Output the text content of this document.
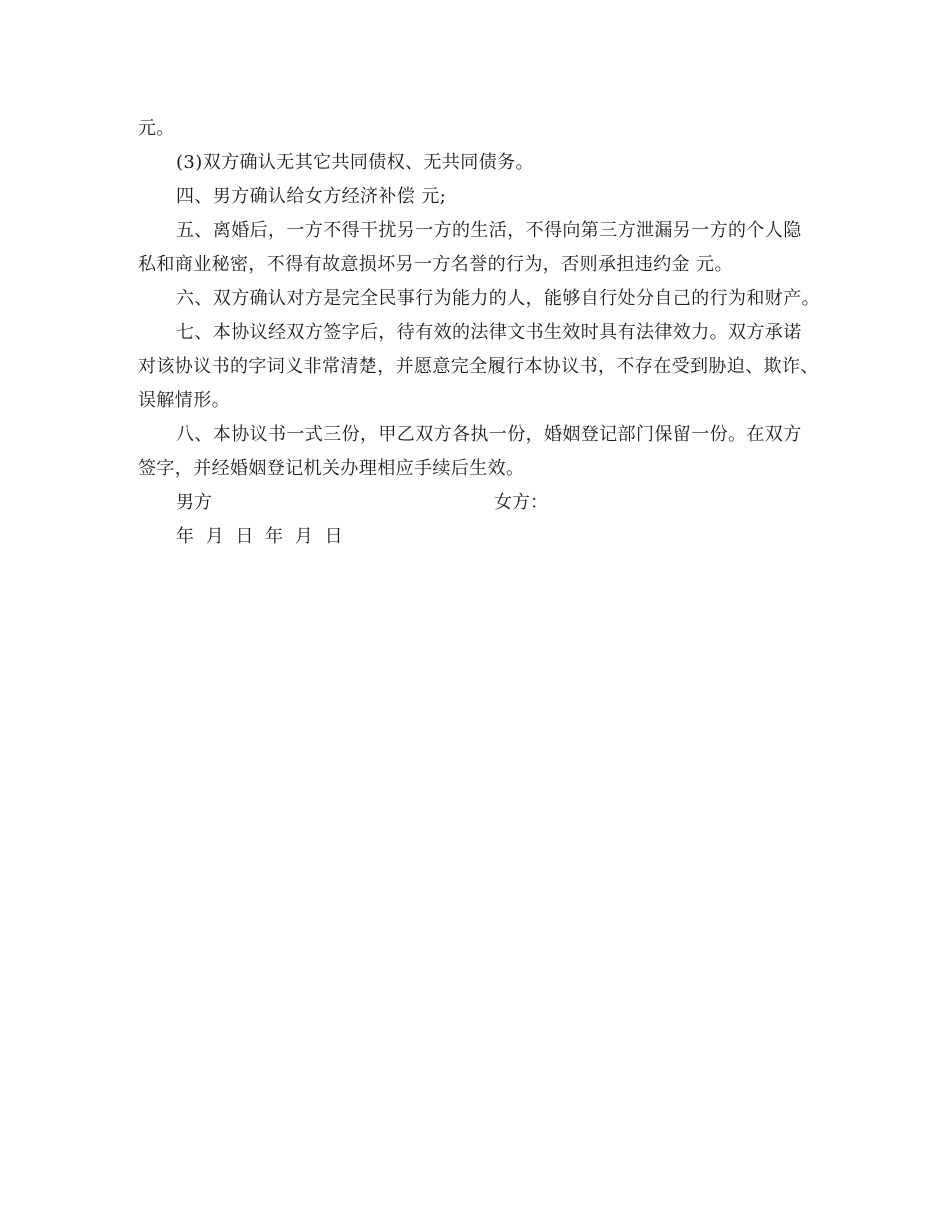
元。
(3)双方确认无其它共同债权、无共同债务。
四、男方确认给女方经济补偿 元;
五、离婚后，一方不得干扰另一方的生活，不得向第三方泄漏另一方的个人隐
私和商业秘密，不得有故意损坏另一方名誉的行为，否则承担违约金 元。
六、双方确认对方是完全民事行为能力的人，能够自行处分自己的行为和财产。
七、本协议经双方签字后，待有效的法律文书生效时具有法律效力。双方承诺
对该协议书的字词义非常清楚，并愿意完全履行本协议书，不存在受到胁迫、欺诈、
误解情形。
八、本协议书一式三份，甲乙双方各执一份，婚姻登记部门保留一份。在双方
签字，并经婚姻登记机关办理相应手续后生效。
男方	女方：
年 月 日 年 月 日
